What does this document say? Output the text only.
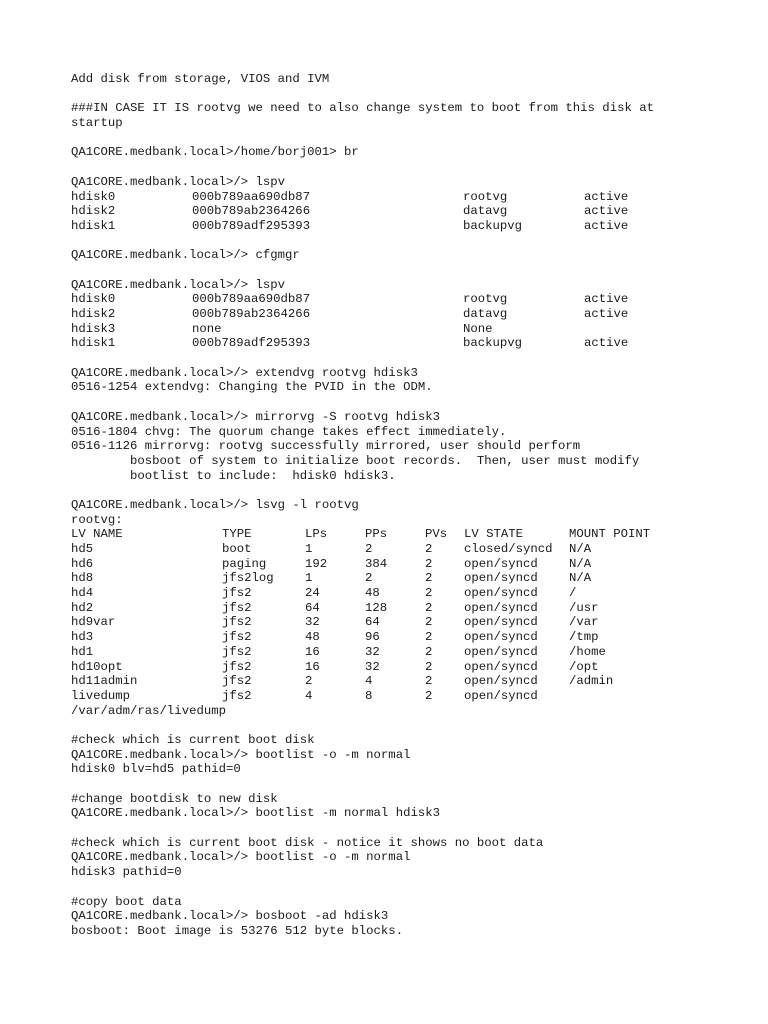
Add disk from storage, VIOS and IVM
###IN CASE IT IS rootvg we need to also change system to boot from this disk at
startup
QA1CORE.medbank.local>/home/borj001> br
QA1CORE.medbank.local>/> lspv
hdisk0	000b789aa690db87	rootvg	active
hdisk2	000b789ab2364266	datavg	active
hdisk1	000b789adf295393	backupvg	active
QA1CORE.medbank.local>/> cfgmgr
QA1CORE.medbank.local>/> lspv
hdisk0	000b789aa690db87	rootvg	active
hdisk2	000b789ab2364266	datavg	active
hdisk3	none	None
hdisk1	000b789adf295393	backupvg	active
QA1CORE.medbank.local>/> extendvg rootvg hdisk3
0516-1254 extendvg: Changing the PVID in the ODM.
QA1CORE.medbank.local>/> mirrorvg -S rootvg hdisk3
0516-1804 chvg: The quorum change takes effect immediately.
0516-1126 mirrorvg: rootvg successfully mirrored, user should perform
bosboot of system to initialize boot records.  Then, user must modify
bootlist to include:  hdisk0 hdisk3.
QA1CORE.medbank.local>/> lsvg -l rootvg
rootvg:
LV NAME	TYPE	LPs	PPs	PVs	LV STATE	MOUNT POINT
hd5	boot	1	2	2	closed/syncd	N/A
hd6	paging	192	384	2	open/syncd	N/A
hd8	jfs2log	1	2	2	open/syncd	N/A
hd4	jfs2	24	48	2	open/syncd	/
hd2	jfs2	64	128	2	open/syncd	/usr
hd9var	jfs2	32	64	2	open/syncd	/var
hd3	jfs2	48	96	2	open/syncd	/tmp
hd1	jfs2	16	32	2	open/syncd	/home
hd10opt	jfs2	16	32	2	open/syncd	/opt
hd11admin	jfs2	2	4	2	open/syncd	/admin
livedump	jfs2	4	8	2	open/syncd
/var/adm/ras/livedump
#check which is current boot disk
QA1CORE.medbank.local>/> bootlist -o -m normal
hdisk0 blv=hd5 pathid=0
#change bootdisk to new disk
QA1CORE.medbank.local>/> bootlist -m normal hdisk3
#check which is current boot disk - notice it shows no boot data
QA1CORE.medbank.local>/> bootlist -o -m normal
hdisk3 pathid=0
#copy boot data
QA1CORE.medbank.local>/> bosboot -ad hdisk3
bosboot: Boot image is 53276 512 byte blocks.
